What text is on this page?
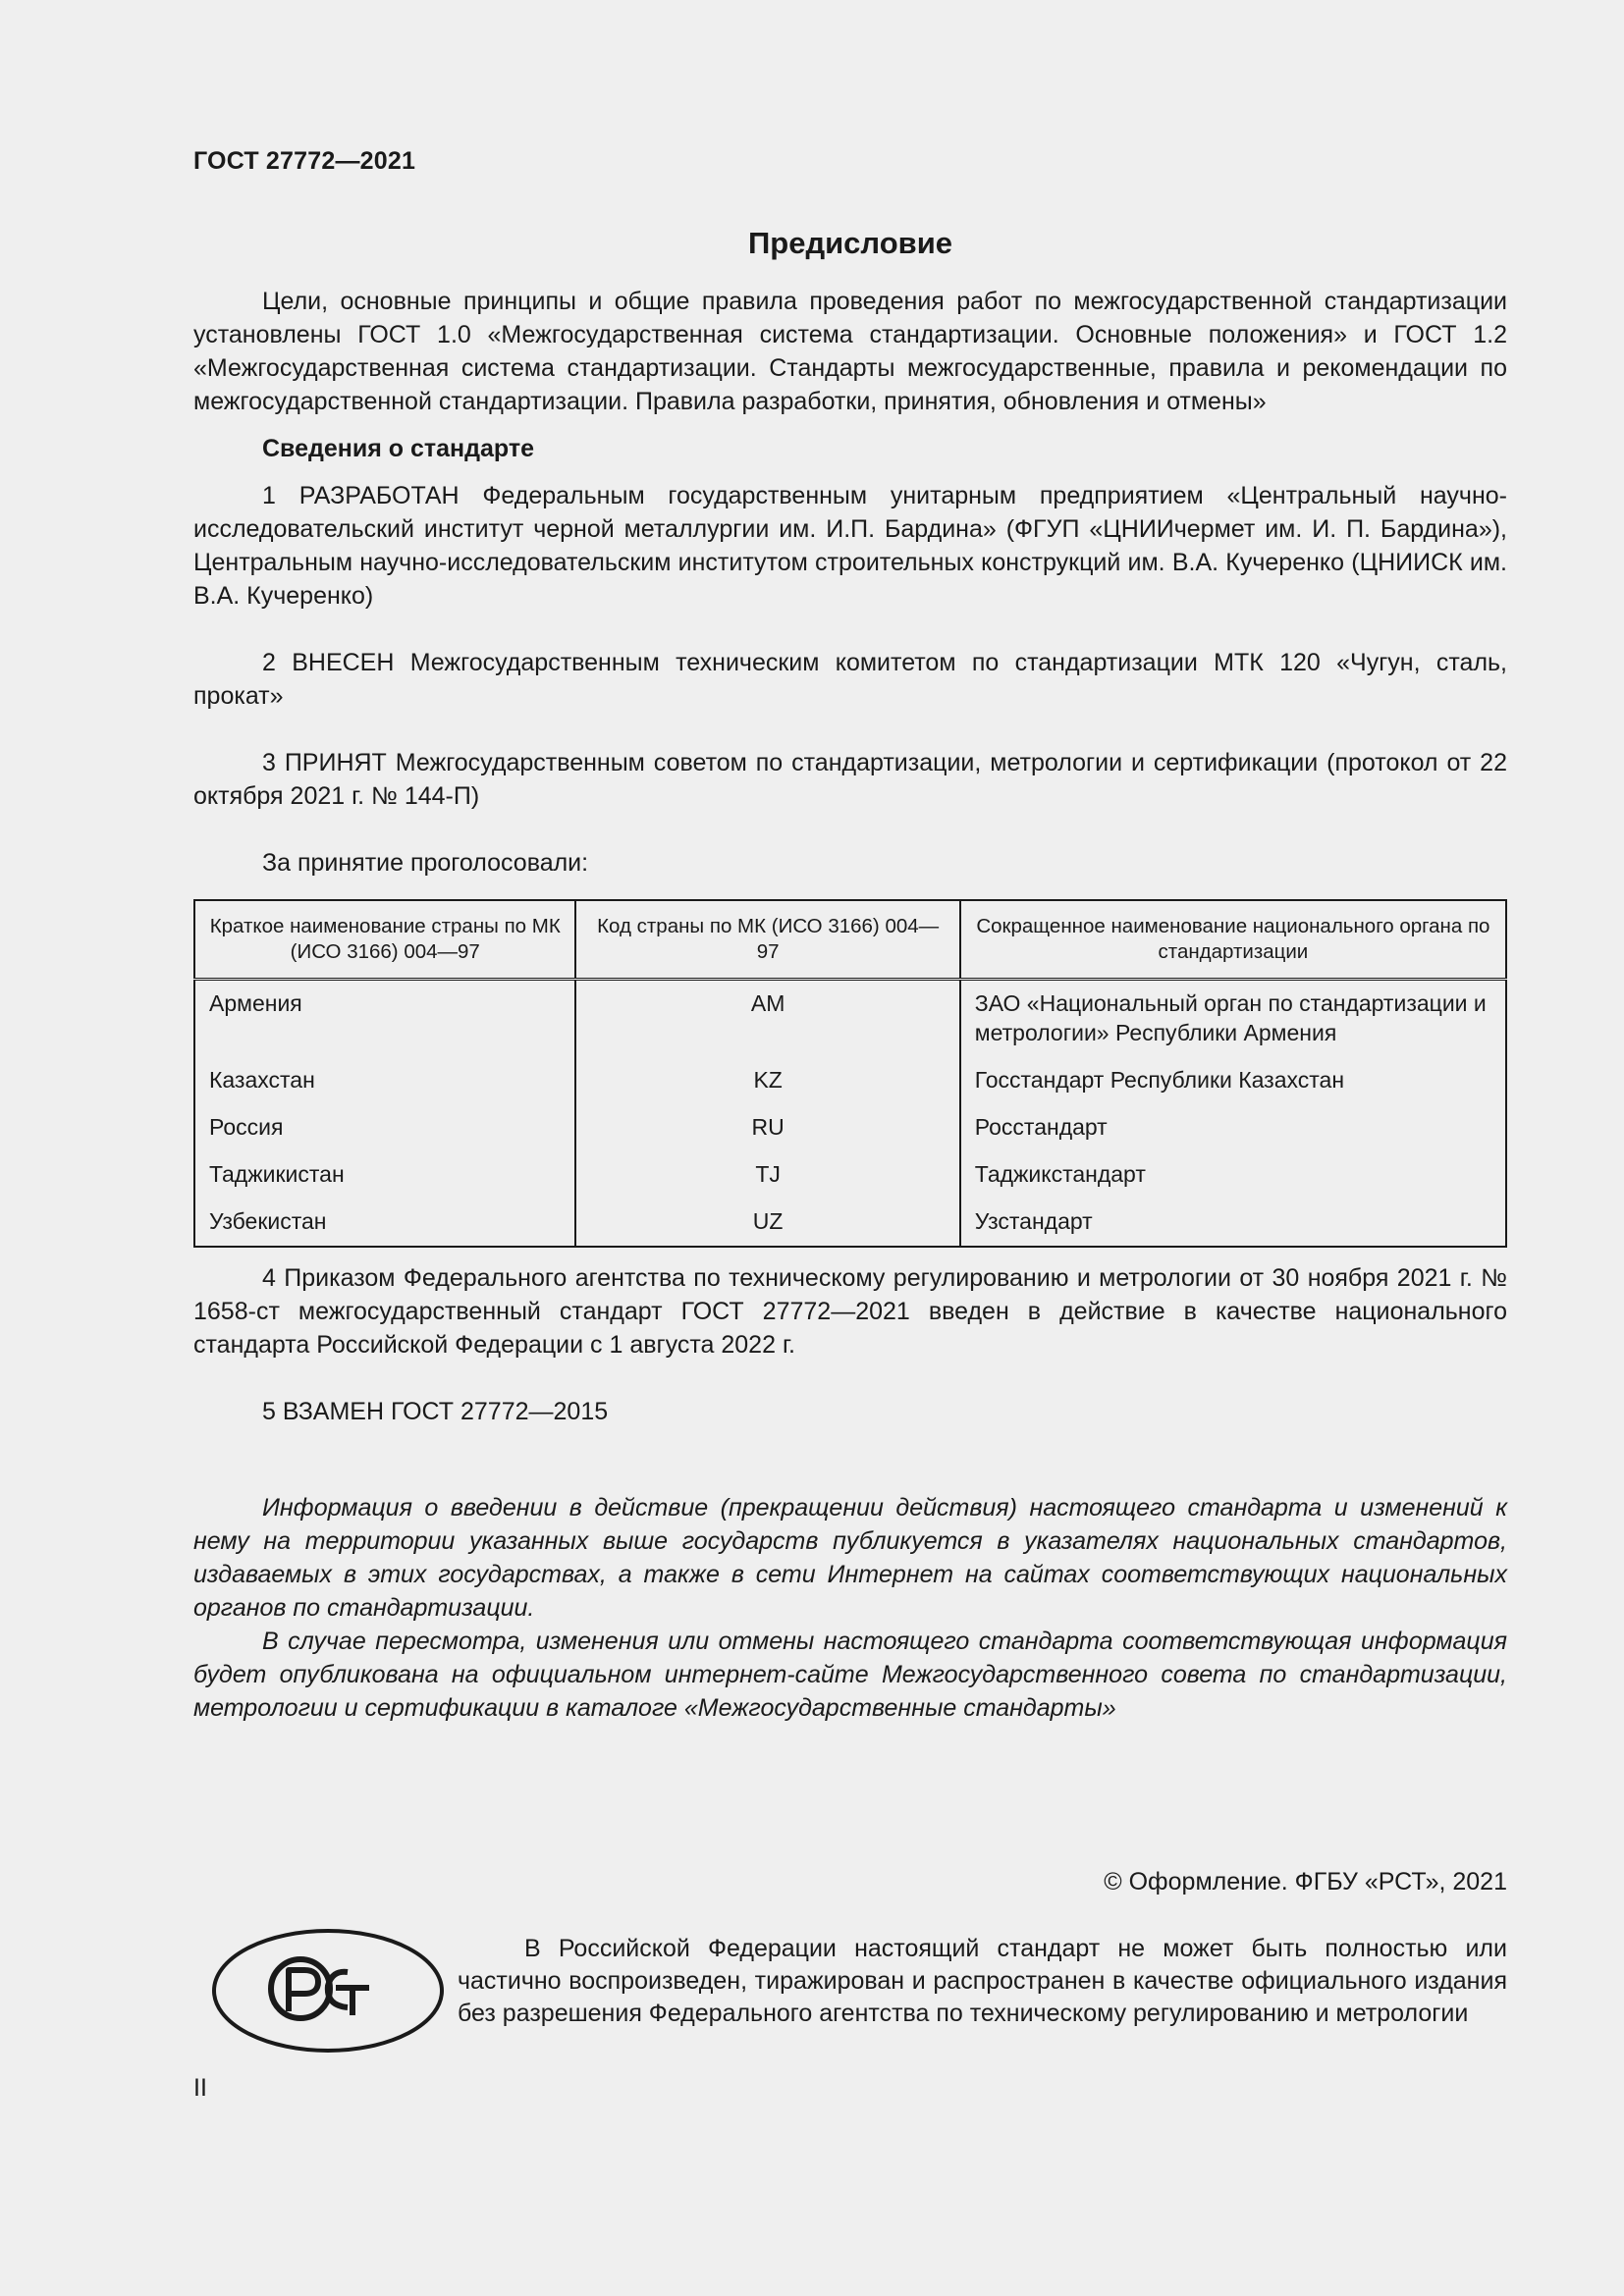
ГОСТ 27772—2021
Предисловие

Цели, основные принципы и общие правила проведения работ по межгосударственной стандартизации установлены ГОСТ 1.0 «Межгосударственная система стандартизации. Основные положения» и ГОСТ 1.2 «Межгосударственная система стандартизации. Стандарты межгосударственные, правила и рекомендации по межгосударственной стандартизации. Правила разработки, принятия, обновления и отмены»

Сведения о стандарте

1 РАЗРАБОТАН Федеральным государственным унитарным предприятием «Центральный научно-исследовательский институт черной металлургии им. И.П. Бардина» (ФГУП «ЦНИИчермет им. И. П. Бардина»), Центральным научно-исследовательским институтом строительных конструкций им. В.А. Кучеренко (ЦНИИСК им. В.А. Кучеренко)

2 ВНЕСЕН Межгосударственным техническим комитетом по стандартизации МТК 120 «Чугун, сталь, прокат»

3 ПРИНЯТ Межгосударственным советом по стандартизации, метрологии и сертификации (протокол от 22 октября 2021 г. № 144-П)

За принятие проголосовали:

Краткое наименование страны по МК (ИСО 3166) 004—97	Код страны по МК (ИСО 3166) 004—97	Сокращенное наименование национального органа по стандартизации
Армения	AM	ЗАО «Национальный орган по стандартизации и метрологии» Республики Армения
Казахстан	KZ	Госстандарт Республики Казахстан
Россия	RU	Росстандарт
Таджикистан	TJ	Таджикстандарт
Узбекистан	UZ	Узстандарт

4 Приказом Федерального агентства по техническому регулированию и метрологии от 30 ноября 2021 г. № 1658-ст межгосударственный стандарт ГОСТ 27772—2021 введен в действие в качестве национального стандарта Российской Федерации с 1 августа 2022 г.

5 ВЗАМЕН ГОСТ 27772—2015

Информация о введении в действие (прекращении действия) настоящего стандарта и изменений к нему на территории указанных выше государств публикуется в указателях национальных стандартов, издаваемых в этих государствах, а также в сети Интернет на сайтах соответствующих национальных органов по стандартизации.

В случае пересмотра, изменения или отмены настоящего стандарта соответствующая информация будет опубликована на официальном интернет-сайте Межгосударственного совета по стандартизации, метрологии и сертификации в каталоге «Межгосударственные стандарты»

© Оформление. ФГБУ «РСТ», 2021
В Российской Федерации настоящий стандарт не может быть полностью или частично воспроизведен, тиражирован и распространен в качестве официального издания без разрешения Федерального агентства по техническому регулированию и метрологии
II
